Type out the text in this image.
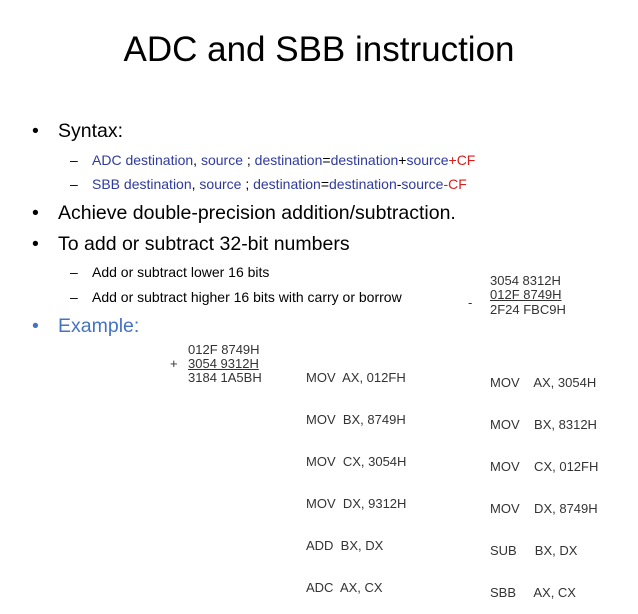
ADC and SBB instruction
• Syntax:
– ADC destination, source ; destination=destination+source+CF
– SBB destination, source ; destination=destination-source-CF
• Achieve double-precision addition/subtraction.
• To add or subtract 32-bit numbers
– Add or subtract lower 16 bits
– Add or subtract higher 16 bits with carry or borrow
• Example:

+

012F 8749H

3054 9312H

3184 1A5BH

	MOV  AX, 012FH

MOV  BX, 8749H

MOV  CX, 3054H

MOV  DX, 9312H

ADD  BX, DX

ADC  AX, CX

-

3054 8312H

012F 8749H

2F24 FBC9H

MOV    AX, 3054H

MOV    BX, 8312H

MOV    CX, 012FH

MOV    DX, 8749H

SUB     BX, DX

SBB     AX, CX
